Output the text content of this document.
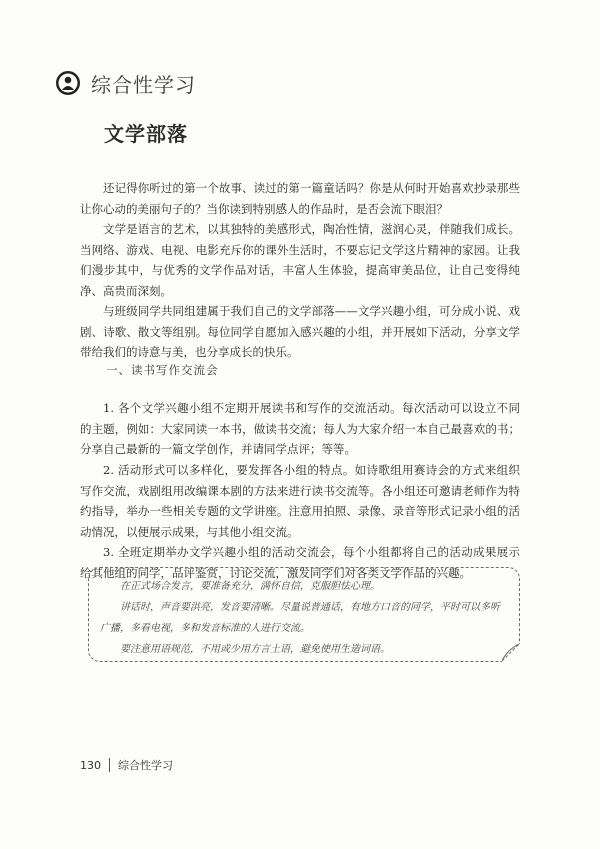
综合性学习
文学部落

还记得你听过的第一个故事、读过的第一篇童话吗？你是从何时开始喜欢抄录那些让你心动的美丽句子的？当你读到特别感人的作品时，是否会流下眼泪？

文学是语言的艺术，以其独特的美感形式，陶冶性情，滋润心灵，伴随我们成长。当网络、游戏、电视、电影充斥你的课外生活时，不要忘记文学这片精神的家园。让我们漫步其中，与优秀的文学作品对话，丰富人生体验，提高审美品位，让自己变得纯净、高贵而深刻。

与班级同学共同组建属于我们自己的文学部落——文学兴趣小组，可分成小说、戏剧、诗歌、散文等组别。每位同学自愿加入感兴趣的小组，并开展如下活动，分享文学带给我们的诗意与美，也分享成长的快乐。

一、读书写作交流会

1. 各个文学兴趣小组不定期开展读书和写作的交流活动。每次活动可以设立不同的主题，例如：大家同读一本书，做读书交流；每人为大家介绍一本自己最喜欢的书；分享自己最新的一篇文学创作，并请同学点评；等等。

2. 活动形式可以多样化，要发挥各小组的特点。如诗歌组用赛诗会的方式来组织写作交流，戏剧组用改编课本剧的方法来进行读书交流等。各小组还可邀请老师作为特约指导，举办一些相关专题的文学讲座。注意用拍照、录像、录音等形式记录小组的活动情况，以便展示成果，与其他小组交流。

3. 全班定期举办文学兴趣小组的活动交流会，每个小组都将自己的活动成果展示给其他组的同学，品评鉴赏，讨论交流，激发同学们对各类文学作品的兴趣。

在正式场合发言，要准备充分，满怀自信，克服胆怯心理。

讲话时，声音要洪亮，发音要清晰。尽量说普通话，有地方口音的同学，平时可以多听广播，多看电视，多和发音标准的人进行交流。

要注意用语规范，不用或少用方言土语，避免使用生造词语。

130 综合性学习
